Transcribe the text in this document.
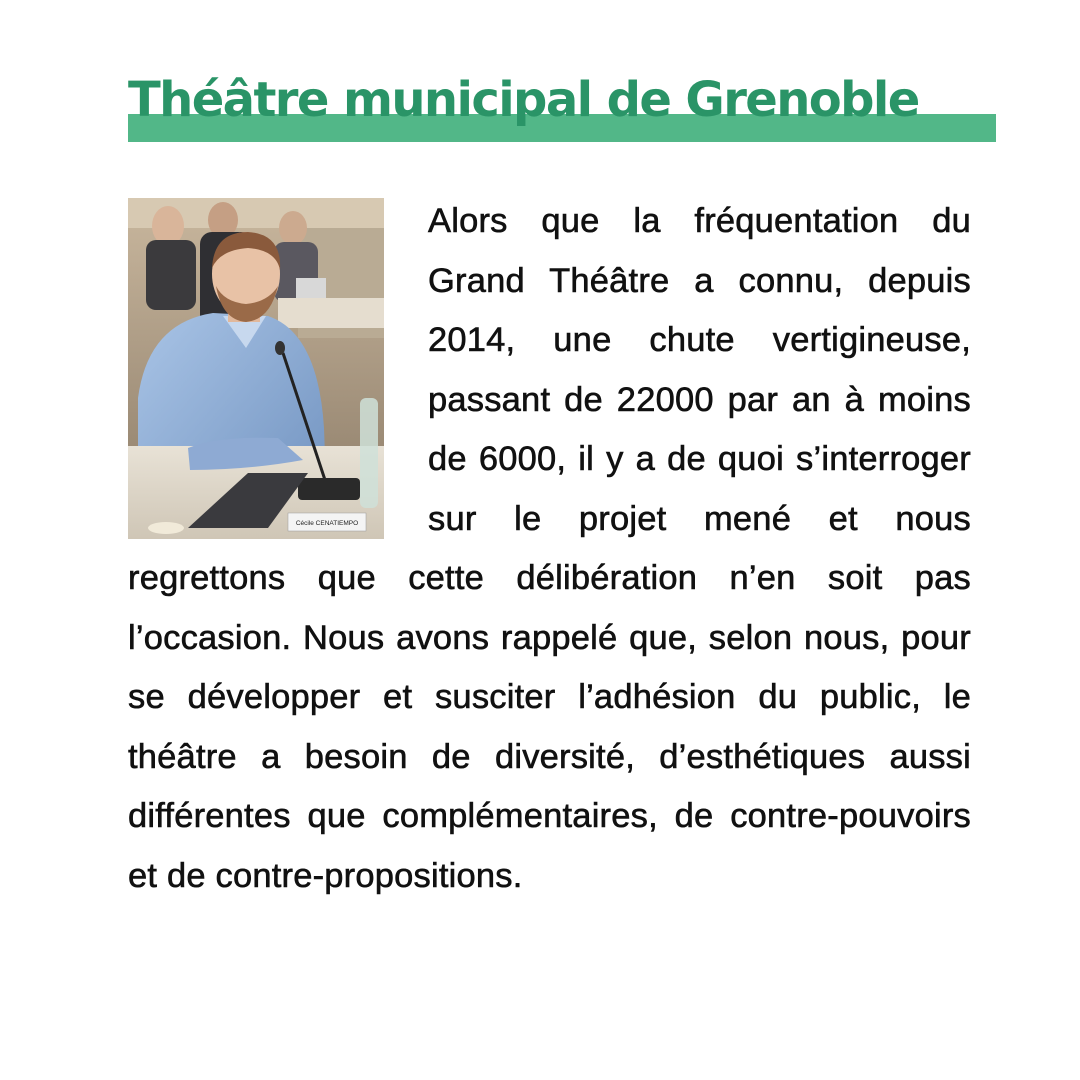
Théâtre municipal de Grenoble
Cécile CENATIEMPO
Alors que la fréquentation du Grand Théâtre a connu, depuis 2014, une chute vertigineuse, passant de 22000 par an à moins de 6000, il y a de quoi s’interroger sur le projet mené et nous regrettons que cette délibération n’en soit pas l’occasion. Nous avons rappelé que, selon nous, pour se développer et susciter l’adhésion du public, le théâtre a besoin de diversité, d’esthétiques aussi différentes que complémentaires, de contre-pouvoirs et de contre-propositions.
